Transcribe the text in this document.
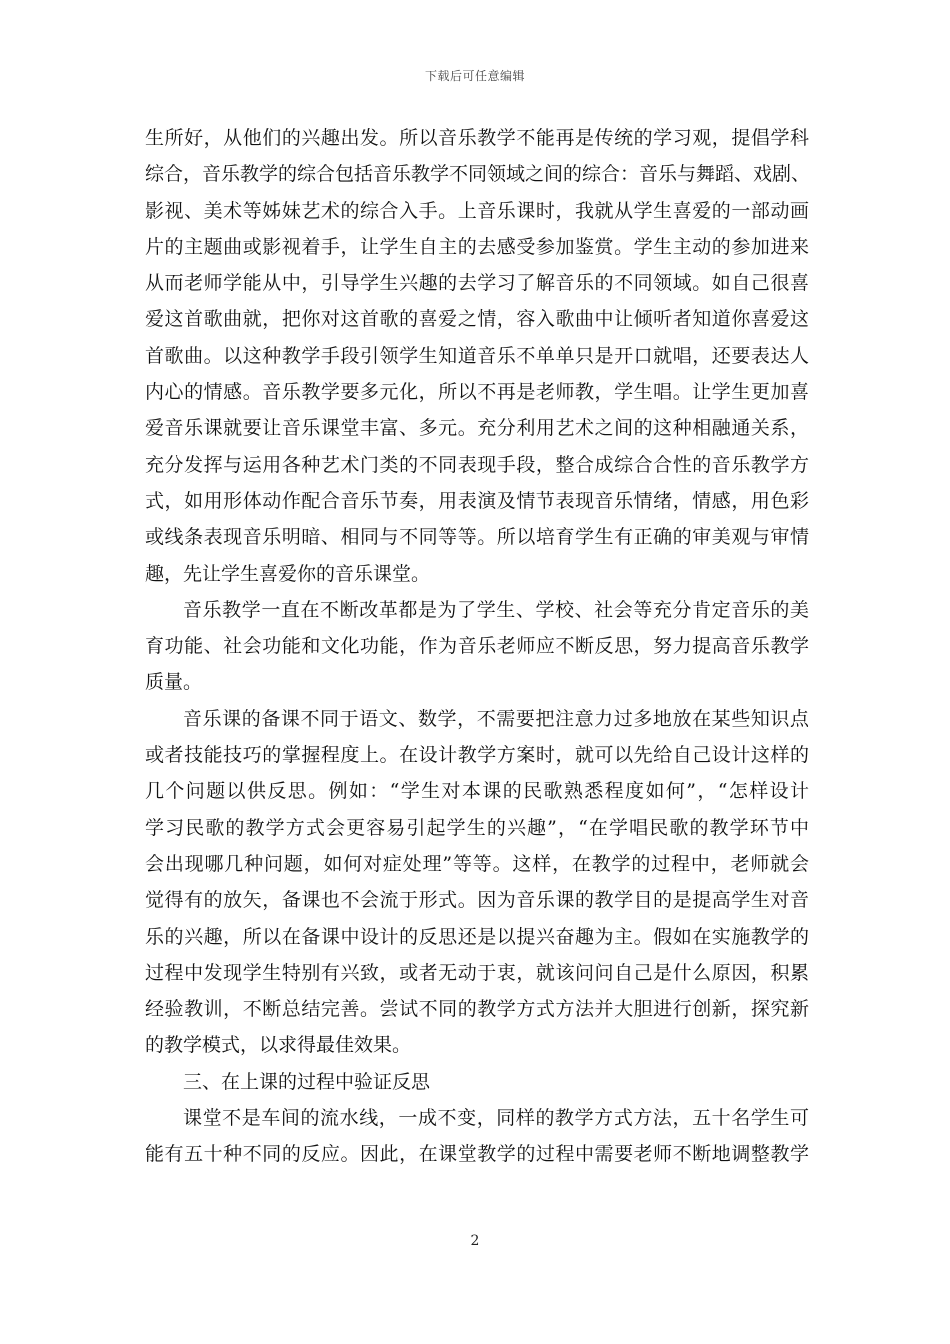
下载后可任意编辑
生所好，从他们的兴趣出发。所以音乐教学不能再是传统的学习观，提倡学科
综合，音乐教学的综合包括音乐教学不同领域之间的综合：音乐与舞蹈、戏剧、
影视、美术等姊妹艺术的综合入手。上音乐课时，我就从学生喜爱的一部动画
片的主题曲或影视着手，让学生自主的去感受参加鉴赏。学生主动的参加进来
从而老师学能从中，引导学生兴趣的去学习了解音乐的不同领域。如自己很喜
爱这首歌曲就，把你对这首歌的喜爱之情，容入歌曲中让倾听者知道你喜爱这
首歌曲。以这种教学手段引领学生知道音乐不单单只是开口就唱，还要表达人
内心的情感。音乐教学要多元化，所以不再是老师教，学生唱。让学生更加喜
爱音乐课就要让音乐课堂丰富、多元。充分利用艺术之间的这种相融通关系，
充分发挥与运用各种艺术门类的不同表现手段，整合成综合合性的音乐教学方
式，如用形体动作配合音乐节奏，用表演及情节表现音乐情绪，情感，用色彩
或线条表现音乐明暗、相同与不同等等。所以培育学生有正确的审美观与审情
趣，先让学生喜爱你的音乐课堂。
音乐教学一直在不断改革都是为了学生、学校、社会等充分肯定音乐的美
育功能、社会功能和文化功能，作为音乐老师应不断反思，努力提高音乐教学
质量。
音乐课的备课不同于语文、数学，不需要把注意力过多地放在某些知识点
或者技能技巧的掌握程度上。在设计教学方案时，就可以先给自己设计这样的
几个问题以供反思。例如：“学生对本课的民歌熟悉程度如何”，“怎样设计
学习民歌的教学方式会更容易引起学生的兴趣”，“在学唱民歌的教学环节中
会出现哪几种问题，如何对症处理”等等。这样，在教学的过程中，老师就会
觉得有的放矢，备课也不会流于形式。因为音乐课的教学目的是提高学生对音
乐的兴趣，所以在备课中设计的反思还是以提兴奋趣为主。假如在实施教学的
过程中发现学生特别有兴致，或者无动于衷，就该问问自己是什么原因，积累
经验教训，不断总结完善。尝试不同的教学方式方法并大胆进行创新，探究新
的教学模式，以求得最佳效果。
三、在上课的过程中验证反思
课堂不是车间的流水线，一成不变，同样的教学方式方法，五十名学生可
能有五十种不同的反应。因此，在课堂教学的过程中需要老师不断地调整教学
2
